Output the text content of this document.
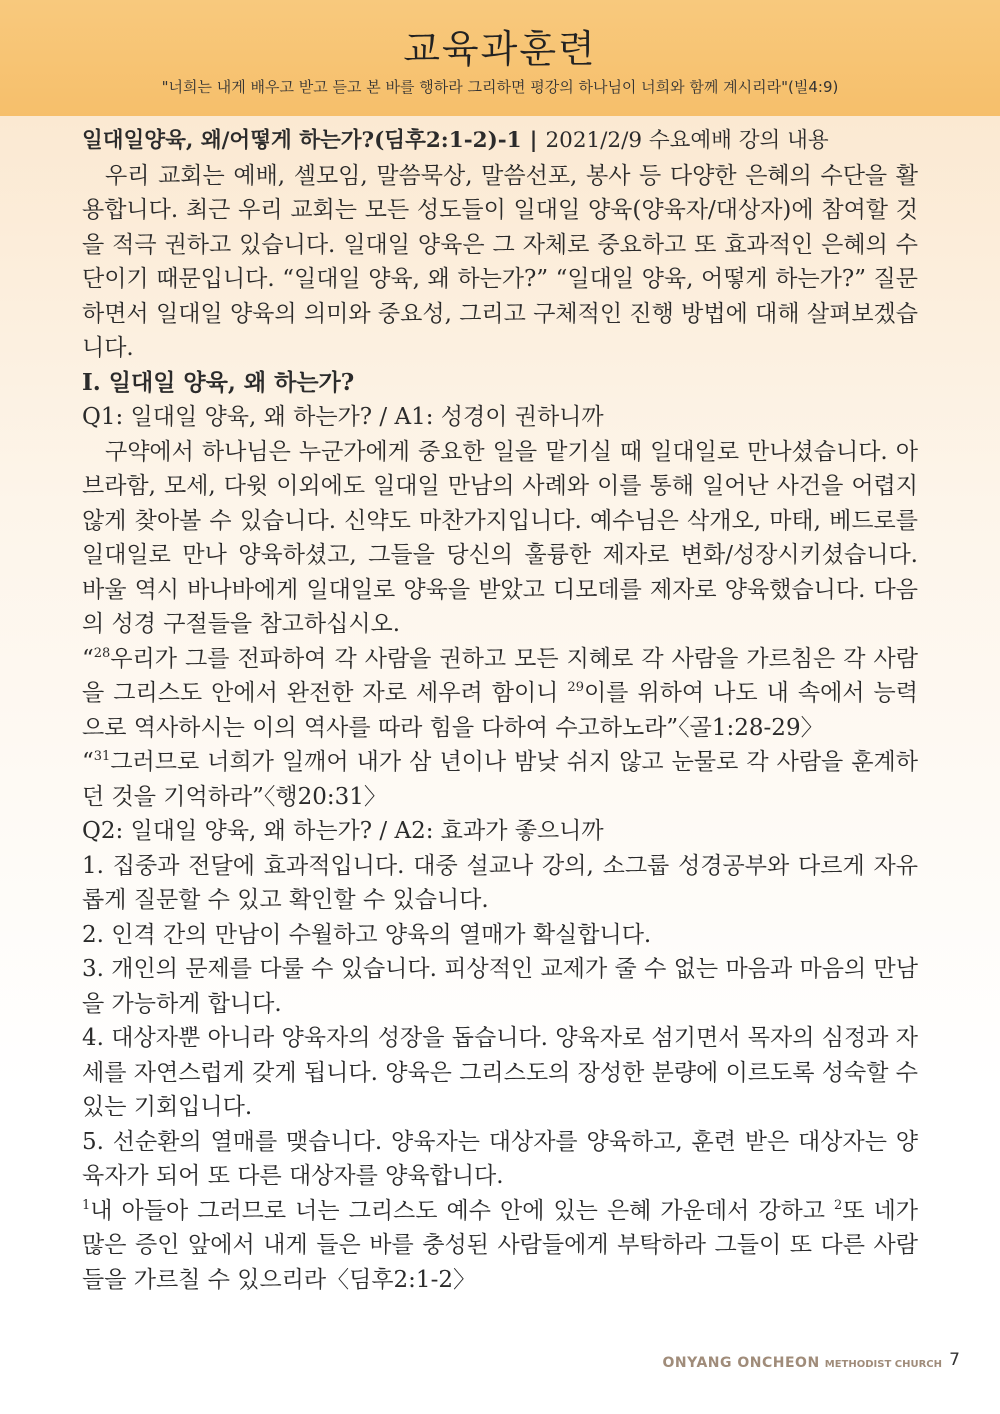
교육과훈련
"너희는 내게 배우고 받고 듣고 본 바를 행하라 그리하면 평강의 하나님이 너희와 함께 계시리라"(빌4:9)

일대일양육, 왜/어떻게 하는가?(딤후2:1-2)-1 | 2021/2/9 수요예배 강의 내용

우리 교회는 예배, 셀모임, 말씀묵상, 말씀선포, 봉사 등 다양한 은혜의 수단을 활용합니다. 최근 우리 교회는 모든 성도들이 일대일 양육(양육자/대상자)에 참여할 것을 적극 권하고 있습니다. 일대일 양육은 그 자체로 중요하고 또 효과적인 은혜의 수단이기 때문입니다. “일대일 양육, 왜 하는가?” “일대일 양육, 어떻게 하는가?” 질문하면서 일대일 양육의 의미와 중요성, 그리고 구체적인 진행 방법에 대해 살펴보겠습니다.

Ⅰ. 일대일 양육, 왜 하는가?

Q1: 일대일 양육, 왜 하는가? / A1: 성경이 권하니까

구약에서 하나님은 누군가에게 중요한 일을 맡기실 때 일대일로 만나셨습니다. 아브라함, 모세, 다윗 이외에도 일대일 만남의 사례와 이를 통해 일어난 사건을 어렵지 않게 찾아볼 수 있습니다. 신약도 마찬가지입니다. 예수님은 삭개오, 마태, 베드로를 일대일로 만나 양육하셨고, 그들을 당신의 훌륭한 제자로 변화/성장시키셨습니다. 바울 역시 바나바에게 일대일로 양육을 받았고 디모데를 제자로 양육했습니다. 다음의 성경 구절들을 참고하십시오.

“$^{28}$우리가 그를 전파하여 각 사람을 권하고 모든 지혜로 각 사람을 가르침은 각 사람을 그리스도 안에서 완전한 자로 세우려 함이니 $^{29}$이를 위하여 나도 내 속에서 능력으로 역사하시는 이의 역사를 따라 힘을 다하여 수고하노라”〈골1:28-29〉

“$^{31}$그러므로 너희가 일깨어 내가 삼 년이나 밤낮 쉬지 않고 눈물로 각 사람을 훈계하던 것을 기억하라”〈행20:31〉

Q2: 일대일 양육, 왜 하는가? / A2: 효과가 좋으니까

1. 집중과 전달에 효과적입니다. 대중 설교나 강의, 소그룹 성경공부와 다르게 자유롭게 질문할 수 있고 확인할 수 있습니다.

2. 인격 간의 만남이 수월하고 양육의 열매가 확실합니다.

3. 개인의 문제를 다룰 수 있습니다. 피상적인 교제가 줄 수 없는 마음과 마음의 만남을 가능하게 합니다.

4. 대상자뿐 아니라 양육자의 성장을 돕습니다. 양육자로 섬기면서 목자의 심정과 자세를 자연스럽게 갖게 됩니다. 양육은 그리스도의 장성한 분량에 이르도록 성숙할 수 있는 기회입니다.

5. 선순환의 열매를 맺습니다. 양육자는 대상자를 양육하고, 훈련 받은 대상자는 양육자가 되어 또 다른 대상자를 양육합니다.

$^1$내 아들아 그러므로 너는 그리스도 예수 안에 있는 은혜 가운데서 강하고 $^2$또 네가 많은 증인 앞에서 내게 들은 바를 충성된 사람들에게 부탁하라 그들이 또 다른 사람들을 가르칠 수 있으리라〈딤후2:1-2〉

ONYANG ONCHEON METHODIST CHURCH 7
